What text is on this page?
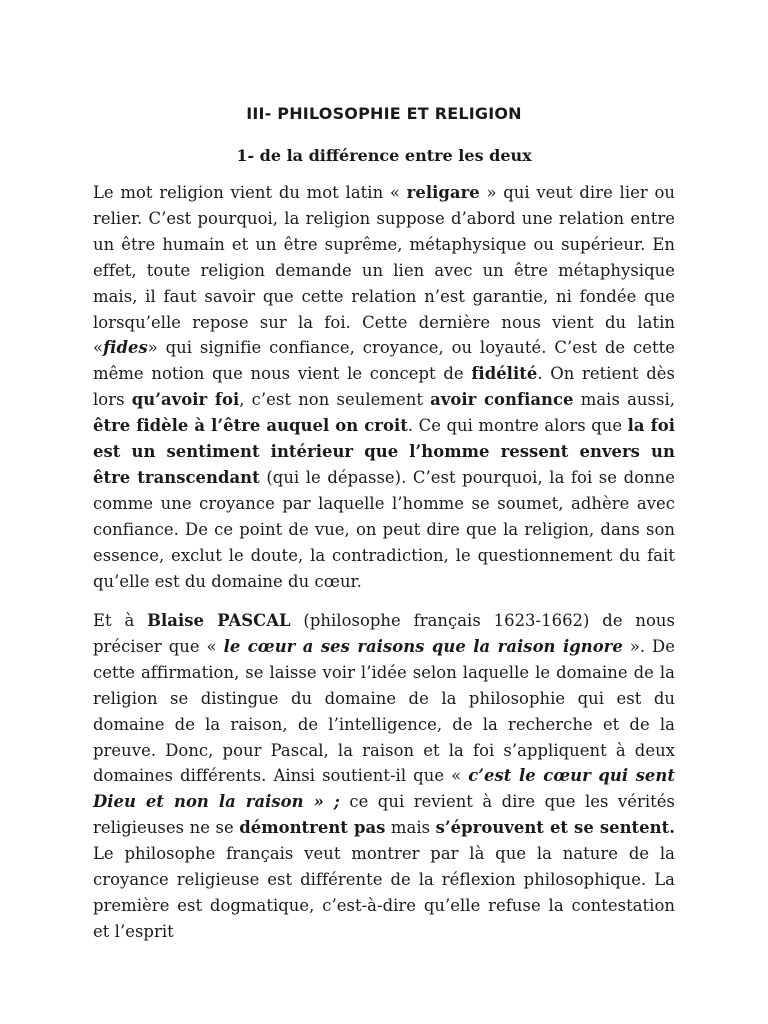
III- PHILOSOPHIE ET RELIGION
1- de la différence entre les deux

Le mot religion vient du mot latin « religare » qui veut dire lier ou relier. C’est pourquoi, la religion suppose d’abord une relation entre un être humain et un être suprême, métaphysique ou supérieur. En effet, toute religion demande un lien avec un être métaphysique mais, il faut savoir que cette relation n’est garantie, ni fondée que lorsqu’elle repose sur la foi. Cette dernière nous vient du latin «fides» qui signifie confiance, croyance, ou loyauté. C’est de cette même notion que nous vient le concept de fidélité. On retient dès lors qu’avoir foi, c’est non seulement avoir confiance mais aussi, être fidèle à l’être auquel on croit. Ce qui montre alors que la foi est un sentiment intérieur que l’homme ressent envers un être transcendant (qui le dépasse). C’est pourquoi, la foi se donne comme une croyance par laquelle l’homme se soumet, adhère avec confiance. De ce point de vue, on peut dire que la religion, dans son essence, exclut le doute, la contradiction, le questionnement du fait qu’elle est du domaine du cœur.

Et à Blaise PASCAL (philosophe français 1623-1662) de nous préciser que « le cœur a ses raisons que la raison ignore ». De cette affirmation, se laisse voir l’idée selon laquelle le domaine de la religion se distingue du domaine de la philosophie qui est du domaine de la raison, de l’intelligence, de la recherche et de la preuve. Donc, pour Pascal, la raison et la foi s’appliquent à deux domaines différents. Ainsi soutient-il que « c’est le cœur qui sent Dieu et non la raison » ; ce qui revient à dire que les vérités religieuses ne se démontrent pas mais s’éprouvent et se sentent. Le philosophe français veut montrer par là que la nature de la croyance religieuse est différente de la réflexion philosophique. La première est dogmatique, c’est-à-dire qu’elle refuse la contestation et l’esprit
